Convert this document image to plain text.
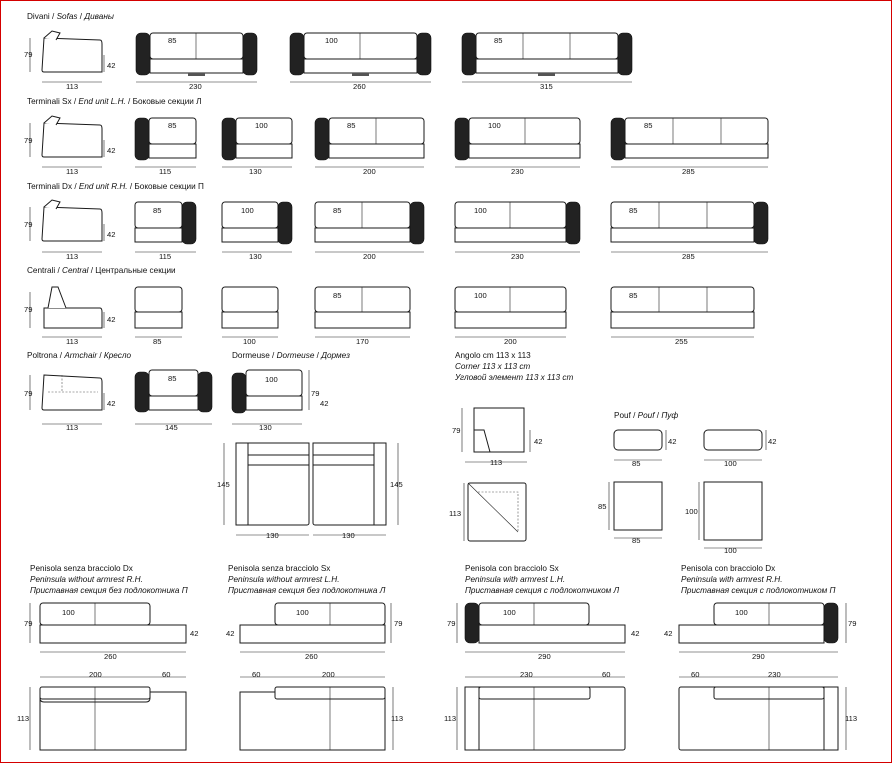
Divani / Sofas / Диваны
Terminali Sx / End unit L.H. / Боковые секции Л
Terminali Dx / End unit R.H. / Боковые секции П
Centrali / Central / Центральные секции
Poltrona / Armchair / Кресло	Dormeuse / Dormeuse / Дормез	Angolo cm 113 x 113
Corner 113 x 113 cm
Угловой элемент 113 x 113 cm
Pouf / Pouf / Пуф
Penisola senza bracciolo Dx
Peninsula without armrest R.H.
Приставная секция без подлокотника П
Penisola senza bracciolo Sx
Peninsula without armrest L.H.
Приставная секция без подлокотника Л
Penisola con bracciolo Sx
Peninsula with armrest L.H.
Приставная секция с подлокотником Л
Penisola con bracciolo Dx
Peninsula with armrest R.H.
Приставная секция с подлокотником П
79
42
113
85
230
100
260
85
315
79
42
113
85
115
100
130
85
200
100
230
85
285
79
42
113
85
115
100
130
85
200
100
230
85
285
79
42
113	85	100
85
170
100
200
85
255
79
42
113
85
145
100
79
42
130
145
130
145
130
79
42
113
113
42
85
42
100
85
85
100
100
100
79
42
260
100
79
42
260
100
79
42
290
100
79
42
290
200	60	60	200	230	60	60	230
113	113	113	113
